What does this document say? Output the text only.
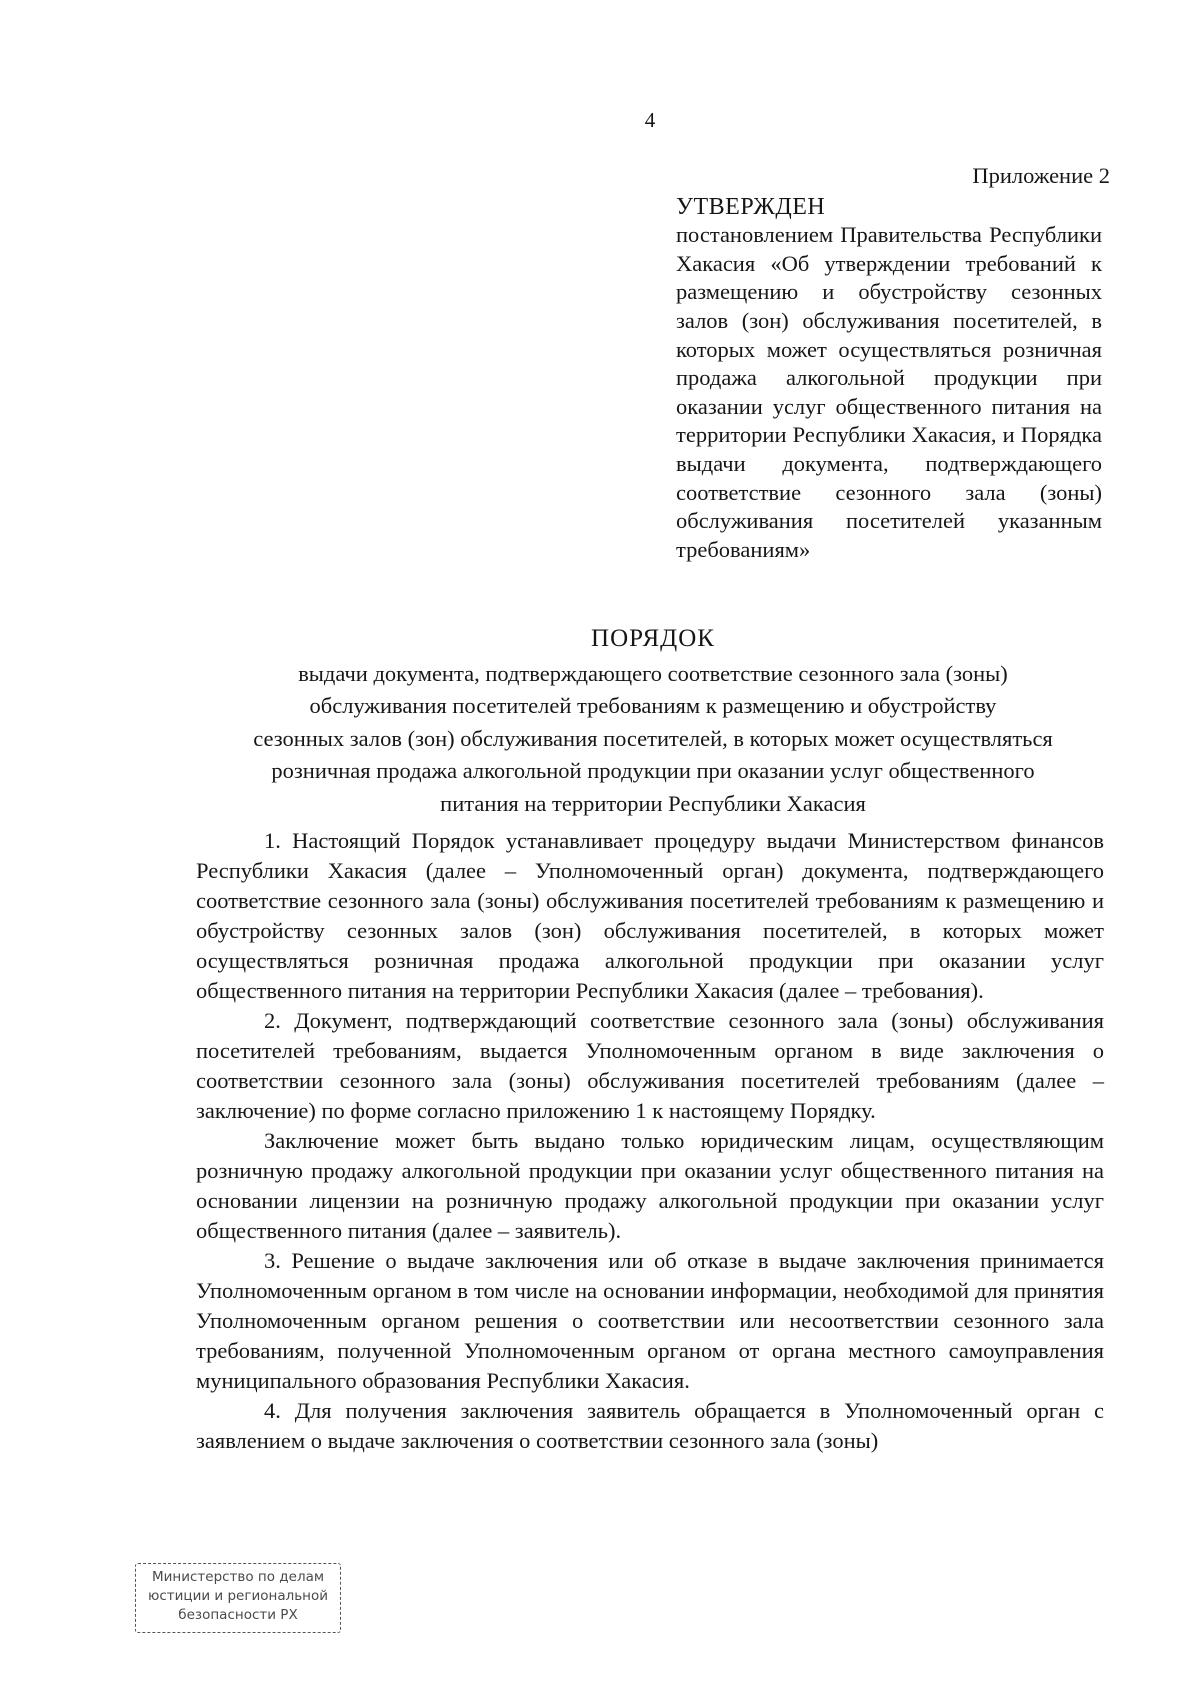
4
Приложение 2
УТВЕРЖДЕН
постановлением Правительства Республики Хакасия «Об утверждении требований к размещению и обустройству сезонных залов (зон) обслуживания посетителей, в которых может осуществляться розничная продажа алкогольной продукции при оказании услуг общественного питания на территории Республики Хакасия, и Порядка выдачи документа, подтверждающего соответствие сезонного зала (зоны) обслуживания посетителей указанным требованиям»
ПОРЯДОК
выдачи документа, подтверждающего соответствие сезонного зала (зоны)
обслуживания посетителей требованиям к размещению и обустройству
сезонных залов (зон) обслуживания посетителей, в которых может осуществляться
розничная продажа алкогольной продукции при оказании услуг общественного
питания на территории Республики Хакасия

1. Настоящий Порядок устанавливает процедуру выдачи Министерством финансов Республики Хакасия (далее – Уполномоченный орган) документа, подтверждающего соответствие сезонного зала (зоны) обслуживания посетителей требованиям к размещению и обустройству сезонных залов (зон) обслуживания посетителей, в которых может осуществляться розничная продажа алкогольной продукции при оказании услуг общественного питания на территории Республики Хакасия (далее – требования).

2. Документ, подтверждающий соответствие сезонного зала (зоны) обслуживания посетителей требованиям, выдается Уполномоченным органом в виде заключения о соответствии сезонного зала (зоны) обслуживания посетителей требованиям (далее – заключение) по форме согласно приложению 1 к настоящему Порядку.

Заключение может быть выдано только юридическим лицам, осуществляющим розничную продажу алкогольной продукции при оказании услуг общественного питания на основании лицензии на розничную продажу алкогольной продукции при оказании услуг общественного питания (далее – заявитель).

3. Решение о выдаче заключения или об отказе в выдаче заключения принимается Уполномоченным органом в том числе на основании информации, необходимой для принятия Уполномоченным органом решения о соответствии или несоответствии сезонного зала требованиям, полученной Уполномоченным органом от органа местного самоуправления муниципального образования Республики Хакасия.

4. Для получения заключения заявитель обращается в Уполномоченный орган с заявлением о выдаче заключения о соответствии сезонного зала (зоны)

Министерство по делам
юстиции и региональной
безопасности РХ
